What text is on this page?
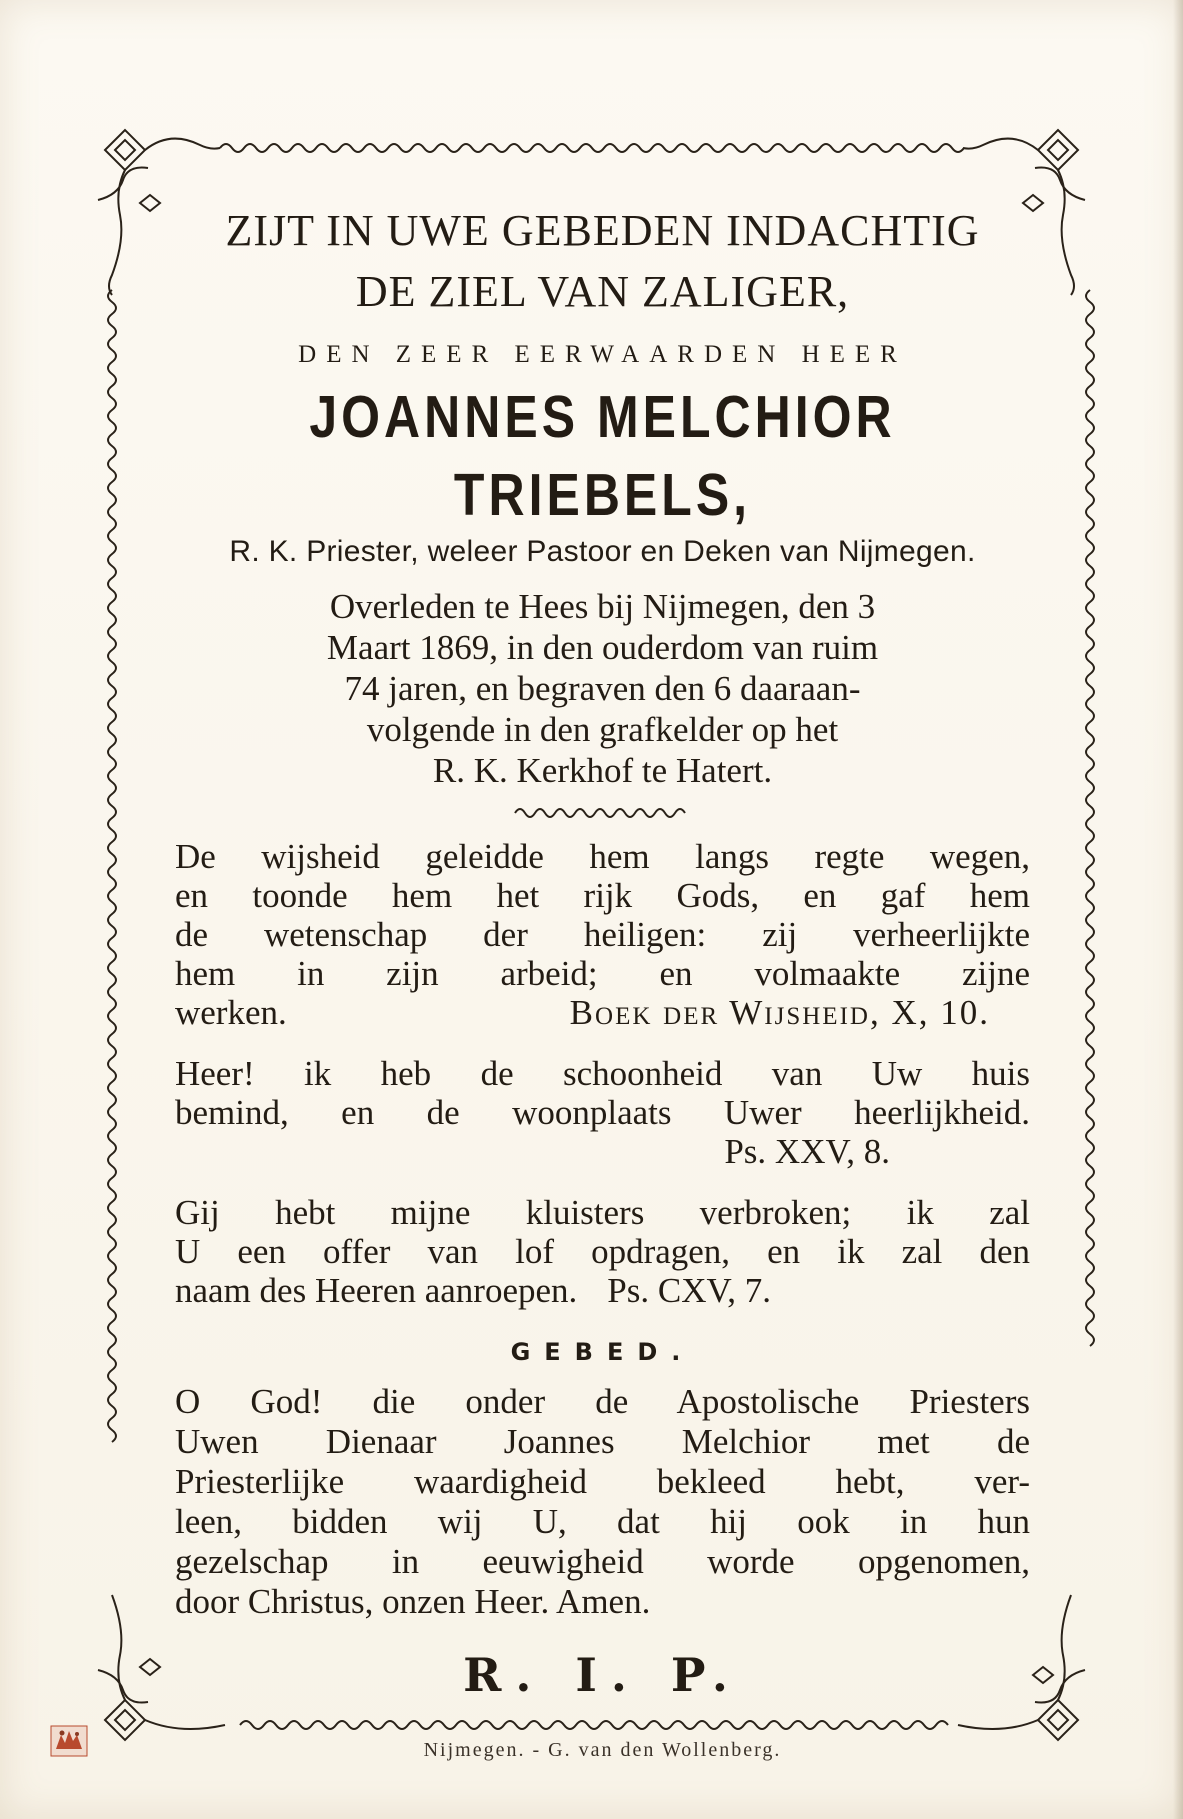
ZIJT IN UWE GEBEDEN INDACHTIG
DE ZIEL VAN ZALIGER,
DEN ZEER EERWAARDEN HEER
JOANNES MELCHIOR TRIEBELS,
R. K. Priester, weleer Pastoor en Deken van Nijmegen.
Overleden te Hees bij Nijmegen, den 3
Maart 1869, in den ouderdom van ruim
74 jaren, en begraven den 6 daaraan-
volgende in den grafkelder op het
R. K. Kerkhof te Hatert.
De wijsheid geleidde hem langs regte wegen,
en toonde hem het rijk Gods, en gaf hem
de wetenschap der heiligen: zij verheerlijkte
hem in zijn arbeid; en volmaakte zijne
werken.	Boek der Wijsheid, X, 10.
Heer! ik heb de schoonheid van Uw huis
bemind, en de woonplaats Uwer heerlijkheid.
Ps. XXV, 8.
Gij hebt mijne kluisters verbroken; ik zal
U een offer van lof opdragen, en ik zal den
naam des Heeren aanroepen. Ps. CXV, 7.
GEBED.
O God! die onder de Apostolische Priesters
Uwen Dienaar Joannes Melchior met de
Priesterlijke waardigheid bekleed hebt, ver-
leen, bidden wij U, dat hij ook in hun
gezelschap in eeuwigheid worde opgenomen,
door Christus, onzen Heer. Amen.
R. I. P.
Nijmegen. - G. van den Wollenberg.
